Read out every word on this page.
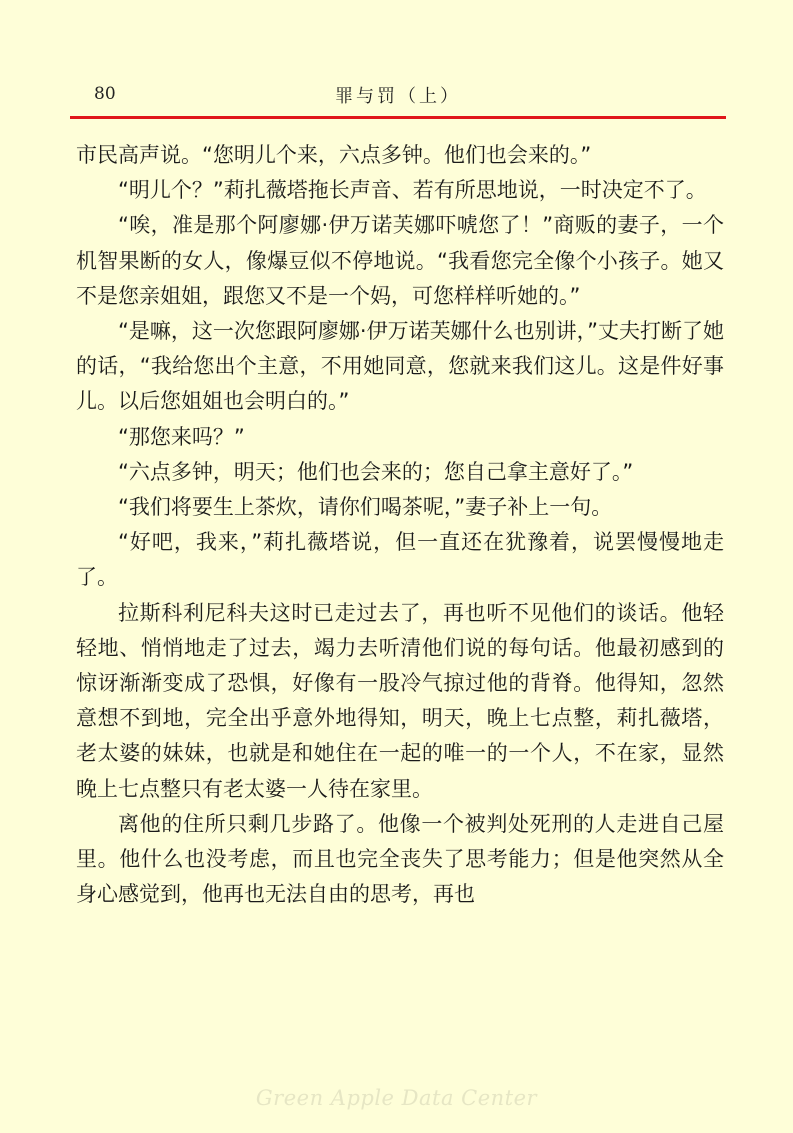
80	罪与罚（上）

市民高声说。“您明儿个来，六点多钟。他们也会来的。”

“明儿个？”莉扎薇塔拖长声音、若有所思地说，一时决定不了。

“唉，准是那个阿廖娜·伊万诺芙娜吓唬您了！”商贩的妻子，一个机智果断的女人，像爆豆似不停地说。“我看您完全像个小孩子。她又不是您亲姐姐，跟您又不是一个妈，可您样样听她的。”

“是嘛，这一次您跟阿廖娜·伊万诺芙娜什么也别讲，”丈夫打断了她的话，“我给您出个主意，不用她同意，您就来我们这儿。这是件好事儿。以后您姐姐也会明白的。”

“那您来吗？”

“六点多钟，明天；他们也会来的；您自己拿主意好了。”

“我们将要生上茶炊，请你们喝茶呢，”妻子补上一句。

“好吧，我来，”莉扎薇塔说，但一直还在犹豫着，说罢慢慢地走了。

拉斯科利尼科夫这时已走过去了，再也听不见他们的谈话。他轻轻地、悄悄地走了过去，竭力去听清他们说的每句话。他最初感到的惊讶渐渐变成了恐惧，好像有一股冷气掠过他的背脊。他得知，忽然意想不到地，完全出乎意外地得知，明天，晚上七点整，莉扎薇塔，老太婆的妹妹，也就是和她住在一起的唯一的一个人，不在家，显然晚上七点整只有老太婆一人待在家里。

离他的住所只剩几步路了。他像一个被判处死刑的人走进自己屋里。他什么也没考虑，而且也完全丧失了思考能力；但是他突然从全身心感觉到，他再也无法自由的思考，再也

Green Apple Data Center
